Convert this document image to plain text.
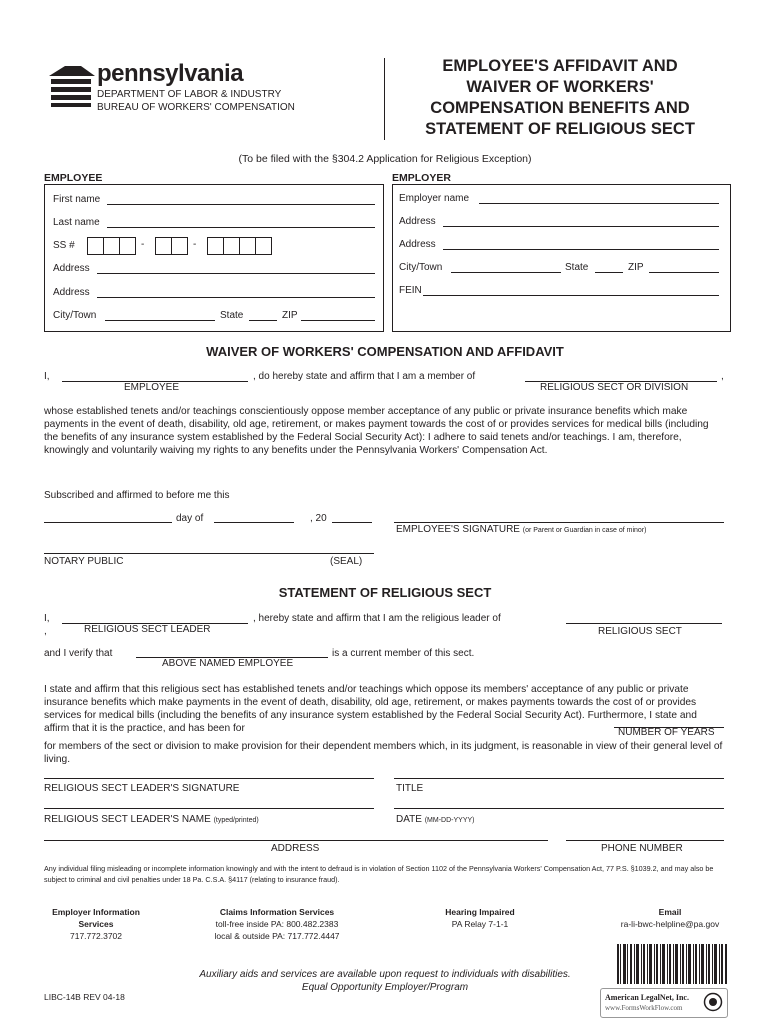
pennsylvania
DEPARTMENT OF LABOR & INDUSTRY
BUREAU OF WORKERS' COMPENSATION
EMPLOYEE'S AFFIDAVIT AND
WAIVER OF WORKERS'
COMPENSATION BENEFITS AND
STATEMENT OF RELIGIOUS SECT
(To be filed with the §304.2 Application for Religious Exception)
EMPLOYEE	EMPLOYER
First name
Last name
SS #	-	-
Address
Address
City/Town	State	ZIP
Employer name
Address
Address
City/Town	State	ZIP
FEIN
WAIVER OF WORKERS' COMPENSATION AND AFFIDAVIT
I,	, do hereby state and affirm that I am a member of	,
EMPLOYEE	RELIGIOUS SECT OR DIVISION
whose established tenets and/or teachings conscientiously oppose member acceptance of any public or private insurance benefits which make payments in the event of death, disability, old age, retirement, or makes payment towards the cost of or provides services for medical bills (including the benefits of any insurance system established by the Federal Social Security Act): I adhere to said tenets and/or teachings. I am, therefore, knowingly and voluntarily waiving my rights to any benefits under the Pennsylvania Workers' Compensation Act.
Subscribed and affirmed to before me this
day of	, 20
EMPLOYEE'S SIGNATURE (or Parent or Guardian in case of minor)
NOTARY PUBLIC	(SEAL)
STATEMENT OF RELIGIOUS SECT
I,
,
, hereby state and affirm that I am the religious leader of
RELIGIOUS SECT LEADER	RELIGIOUS SECT
and I verify that	is a current member of this sect.
ABOVE NAMED EMPLOYEE
I state and affirm that this religious sect has established tenets and/or teachings which oppose its members' acceptance of any public or private insurance benefits which make payments in the event of death, disability, old age, retirement, or makes payments towards the cost of or provides services for medical bills (including the benefits of any insurance system established by the Federal Social Security Act). Furthermore, I state and affirm that it is the practice, and has been for	NUMBER OF YEARS
for members of the sect or division to make provision for their dependent members which, in its judgment, is reasonable in view of their general level of living.
RELIGIOUS SECT LEADER'S SIGNATURE	TITLE
RELIGIOUS SECT LEADER'S NAME (typed/printed)	DATE (MM-DD-YYYY)
ADDRESS	PHONE NUMBER
Any individual filing misleading or incomplete information knowingly and with the intent to defraud is in violation of Section 1102 of the Pennsylvania Workers' Compensation Act, 77 P.S. §1039.2, and may also be subject to criminal and civil penalties under 18 Pa. C.S.A. §4117 (relating to insurance fraud).
Employer Information
Services
717.772.3702
Claims Information Services
toll-free inside PA: 800.482.2383
local & outside PA: 717.772.4447
Hearing Impaired
PA Relay 7-1-1
Email
ra-li-bwc-helpline@pa.gov
Auxiliary aids and services are available upon request to individuals with disabilities.
Equal Opportunity Employer/Program
LIBC-14B REV 04-18	American LegalNet, Inc.
www.FormsWorkFlow.com
